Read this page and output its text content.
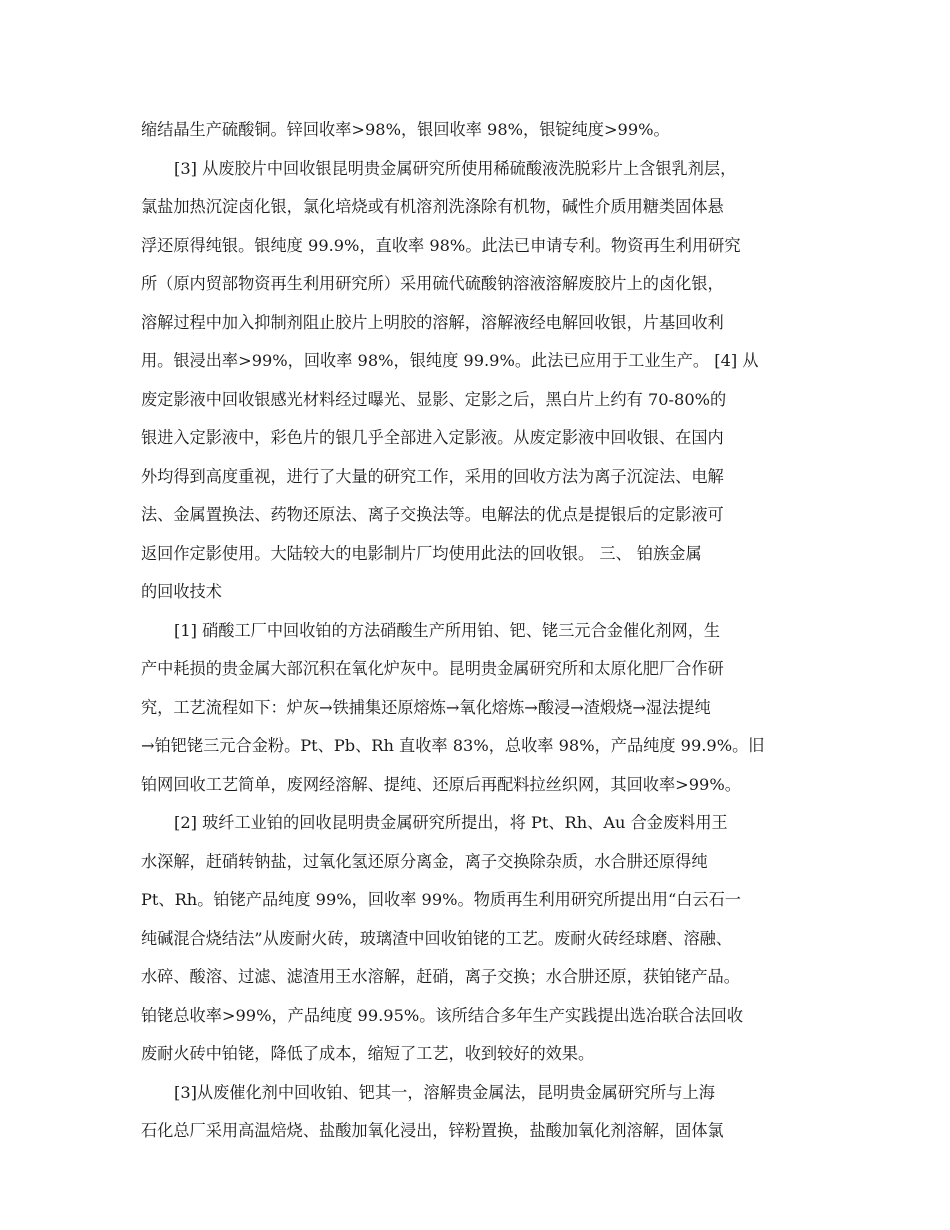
缩结晶生产硫酸铜。锌回收率>98%，银回收率 98%，银锭纯度>99%。
[3] 从废胶片中回收银昆明贵金属研究所使用稀硫酸液洗脱彩片上含银乳剂层，
氯盐加热沉淀卤化银，氯化培烧或有机溶剂洗涤除有机物，碱性介质用糖类固体悬
浮还原得纯银。银纯度 99.9%，直收率 98%。此法已申请专利。物资再生利用研究
所（原内贸部物资再生利用研究所）采用硫代硫酸钠溶液溶解废胶片上的卤化银，
溶解过程中加入抑制剂阻止胶片上明胶的溶解，溶解液经电解回收银，片基回收利
用。银浸出率>99%，回收率 98%，银纯度 99.9%。此法已应用于工业生产。 [4] 从
废定影液中回收银感光材料经过曝光、显影、定影之后，黑白片上约有 70-80%的
银进入定影液中，彩色片的银几乎全部进入定影液。从废定影液中回收银、在国内
外均得到高度重视，进行了大量的研究工作，采用的回收方法为离子沉淀法、电解
法、金属置换法、药物还原法、离子交换法等。电解法的优点是提银后的定影液可
返回作定影使用。大陆较大的电影制片厂均使用此法的回收银。 三、 铂族金属
的回收技术
[1] 硝酸工厂中回收铂的方法硝酸生产所用铂、钯、铑三元合金催化剂网，生
产中耗损的贵金属大部沉积在氧化炉灰中。昆明贵金属研究所和太原化肥厂合作研
究，工艺流程如下：炉灰→铁捕集还原熔炼→氧化熔炼→酸浸→渣煅烧→湿法提纯
→铂钯铑三元合金粉。Pt、Pb、Rh 直收率 83%，总收率 98%，产品纯度 99.9%。旧
铂网回收工艺简单，废网经溶解、提纯、还原后再配料拉丝织网，其回收率>99%。
[2] 玻纤工业铂的回收昆明贵金属研究所提出，将 Pt、Rh、Au 合金废料用王
水深解，赶硝转钠盐，过氧化氢还原分离金，离子交换除杂质，水合肼还原得纯
Pt、Rh。铂铑产品纯度 99%，回收率 99%。物质再生利用研究所提出用“白云石一
纯碱混合烧结法”从废耐火砖，玻璃渣中回收铂铑的工艺。废耐火砖经球磨、溶融、
水碎、酸溶、过滤、滤渣用王水溶解，赶硝，离子交换；水合肼还原，获铂铑产品。
铂铑总收率>99%，产品纯度 99.95%。该所结合多年生产实践提出选冶联合法回收
废耐火砖中铂铑，降低了成本，缩短了工艺，收到较好的效果。
[3]从废催化剂中回收铂、钯其一，溶解贵金属法，昆明贵金属研究所与上海
石化总厂采用高温焙烧、盐酸加氧化浸出，锌粉置换，盐酸加氧化剂溶解，固体氯
